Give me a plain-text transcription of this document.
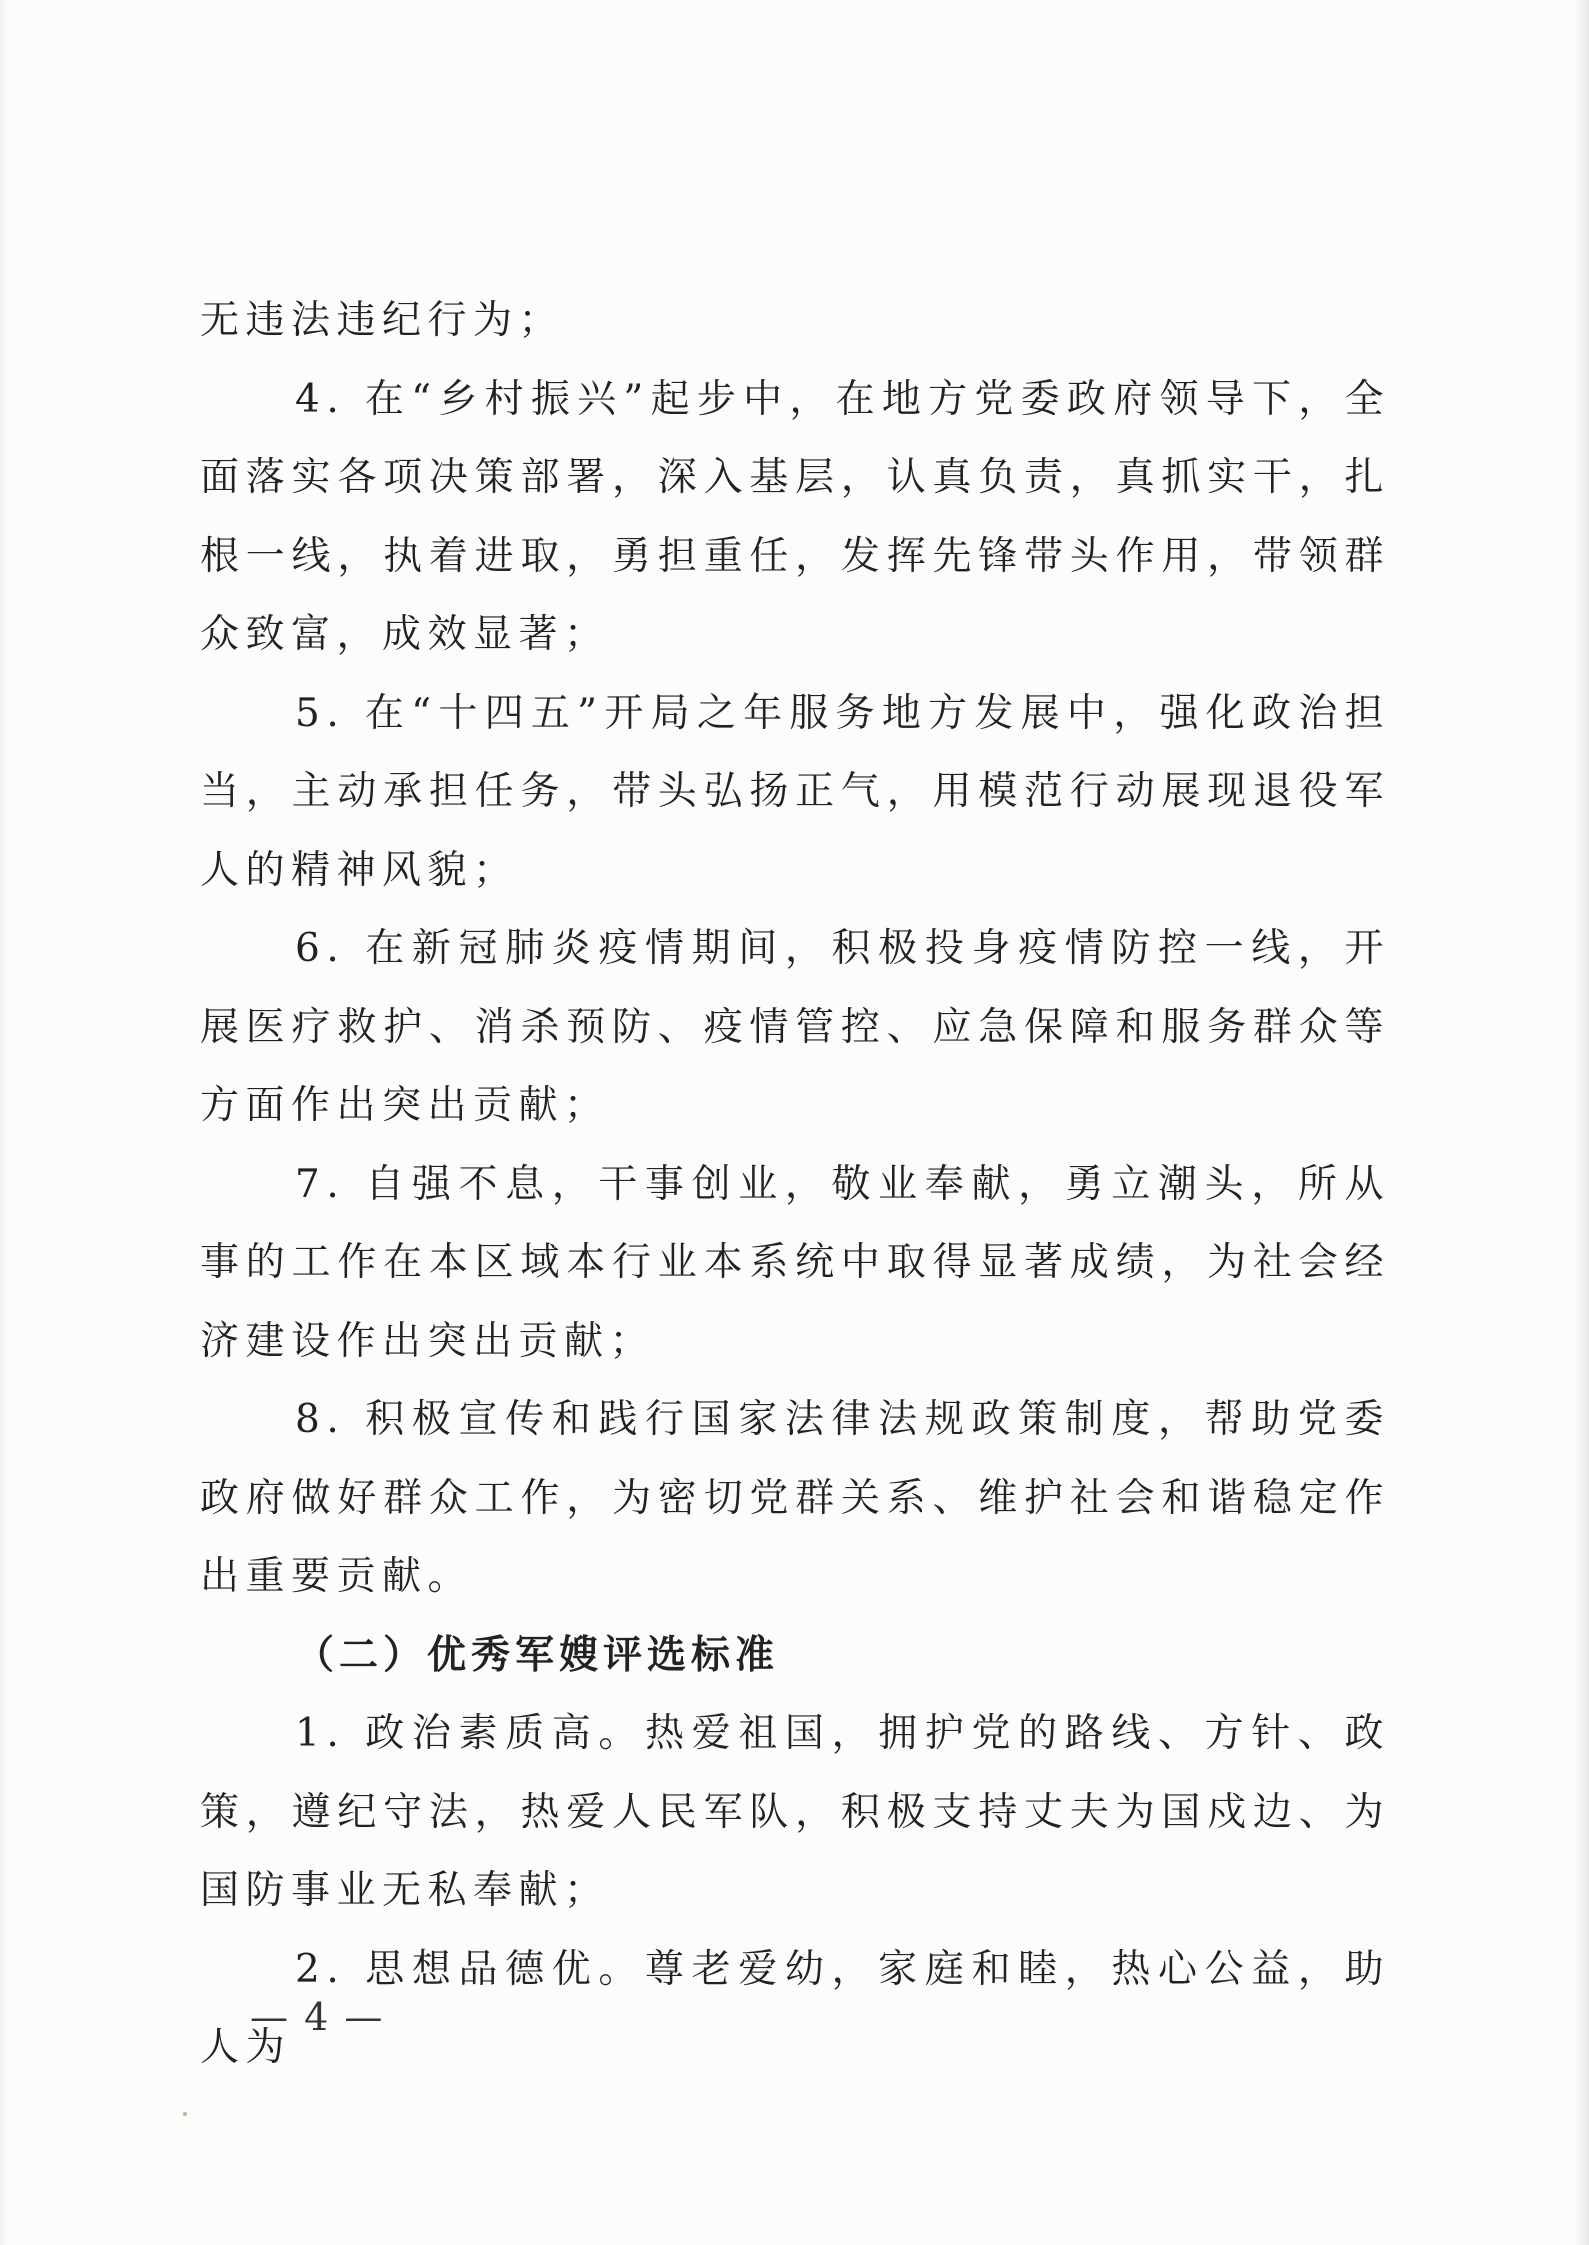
无违法违纪行为；

4. 在“乡村振兴”起步中，在地方党委政府领导下，全面落实各项决策部署，深入基层，认真负责，真抓实干，扎根一线，执着进取，勇担重任，发挥先锋带头作用，带领群众致富，成效显著；

5. 在“十四五”开局之年服务地方发展中，强化政治担当，主动承担任务，带头弘扬正气，用模范行动展现退役军人的精神风貌；

6. 在新冠肺炎疫情期间，积极投身疫情防控一线，开展医疗救护、消杀预防、疫情管控、应急保障和服务群众等方面作出突出贡献；

7. 自强不息，干事创业，敬业奉献，勇立潮头，所从事的工作在本区域本行业本系统中取得显著成绩，为社会经济建设作出突出贡献；

8. 积极宣传和践行国家法律法规政策制度，帮助党委政府做好群众工作，为密切党群关系、维护社会和谐稳定作出重要贡献。

（二）优秀军嫂评选标准

1. 政治素质高。热爱祖国，拥护党的路线、方针、政策，遵纪守法，热爱人民军队，积极支持丈夫为国戍边、为国防事业无私奉献；

2. 思想品德优。尊老爱幼，家庭和睦，热心公益，助人为

— 4 —
